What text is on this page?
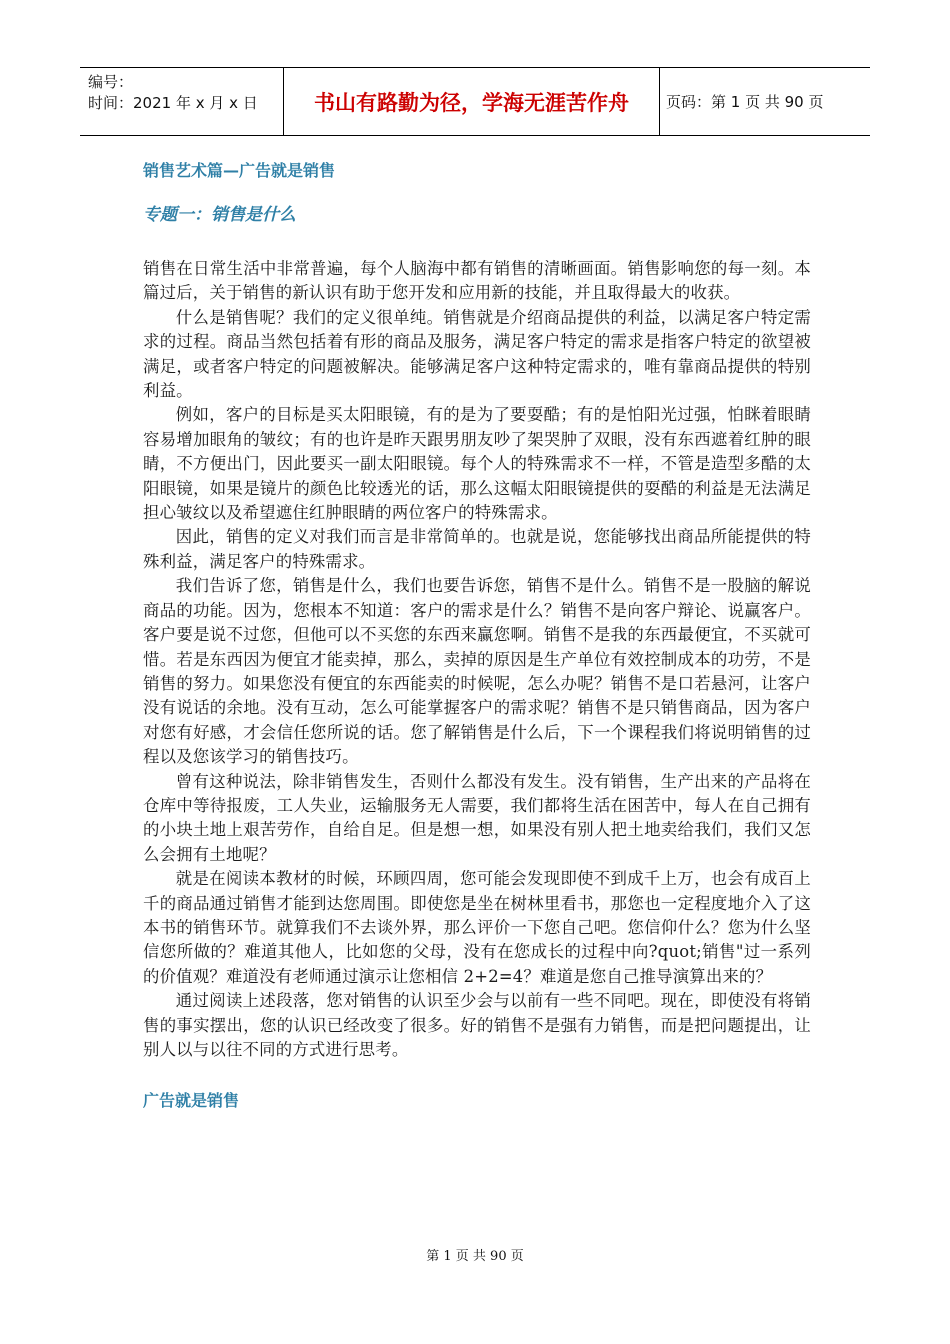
编号：
时间：2021 年 x 月 x 日	书山有路勤为径，学海无涯苦作舟	页码：第 1 页 共 90 页
销售艺术篇—广告就是销售
专题一：销售是什么

销售在日常生活中非常普遍，每个人脑海中都有销售的清晰画面。销售影响您的每一刻。本篇过后，关于销售的新认识有助于您开发和应用新的技能，并且取得最大的收获。

什么是销售呢？我们的定义很单纯。销售就是介绍商品提供的利益，以满足客户特定需求的过程。商品当然包括着有形的商品及服务，满足客户特定的需求是指客户特定的欲望被满足，或者客户特定的问题被解决。能够满足客户这种特定需求的，唯有靠商品提供的特别利益。

例如，客户的目标是买太阳眼镜，有的是为了要耍酷；有的是怕阳光过强，怕眯着眼睛容易增加眼角的皱纹；有的也许是昨天跟男朋友吵了架哭肿了双眼，没有东西遮着红肿的眼睛，不方便出门，因此要买一副太阳眼镜。每个人的特殊需求不一样，不管是造型多酷的太阳眼镜，如果是镜片的颜色比较透光的话，那么这幅太阳眼镜提供的耍酷的利益是无法满足担心皱纹以及希望遮住红肿眼睛的两位客户的特殊需求。

因此，销售的定义对我们而言是非常简单的。也就是说，您能够找出商品所能提供的特殊利益，满足客户的特殊需求。

我们告诉了您，销售是什么，我们也要告诉您，销售不是什么。销售不是一股脑的解说商品的功能。因为，您根本不知道：客户的需求是什么？销售不是向客户辩论、说赢客户。客户要是说不过您，但他可以不买您的东西来赢您啊。销售不是我的东西最便宜，不买就可惜。若是东西因为便宜才能卖掉，那么，卖掉的原因是生产单位有效控制成本的功劳，不是销售的努力。如果您没有便宜的东西能卖的时候呢，怎么办呢？销售不是口若悬河，让客户没有说话的余地。没有互动，怎么可能掌握客户的需求呢？销售不是只销售商品，因为客户对您有好感，才会信任您所说的话。您了解销售是什么后，下一个课程我们将说明销售的过程以及您该学习的销售技巧。

曾有这种说法，除非销售发生，否则什么都没有发生。没有销售，生产出来的产品将在仓库中等待报废，工人失业，运输服务无人需要，我们都将生活在困苦中，每人在自己拥有的小块土地上艰苦劳作，自给自足。但是想一想，如果没有别人把土地卖给我们，我们又怎么会拥有土地呢？

就是在阅读本教材的时候，环顾四周，您可能会发现即使不到成千上万，也会有成百上千的商品通过销售才能到达您周围。即使您是坐在树林里看书，那您也一定程度地介入了这本书的销售环节。就算我们不去谈外界，那么评价一下您自己吧。您信仰什么？您为什么坚信您所做的？难道其他人，比如您的父母，没有在您成长的过程中向?quot;销售"过一系列的价值观？难道没有老师通过演示让您相信 2+2=4？难道是您自己推导演算出来的？

通过阅读上述段落，您对销售的认识至少会与以前有一些不同吧。现在，即使没有将销售的事实摆出，您的认识已经改变了很多。好的销售不是强有力销售，而是把问题提出，让别人以与以往不同的方式进行思考。

广告就是销售
第 1 页 共 90 页
